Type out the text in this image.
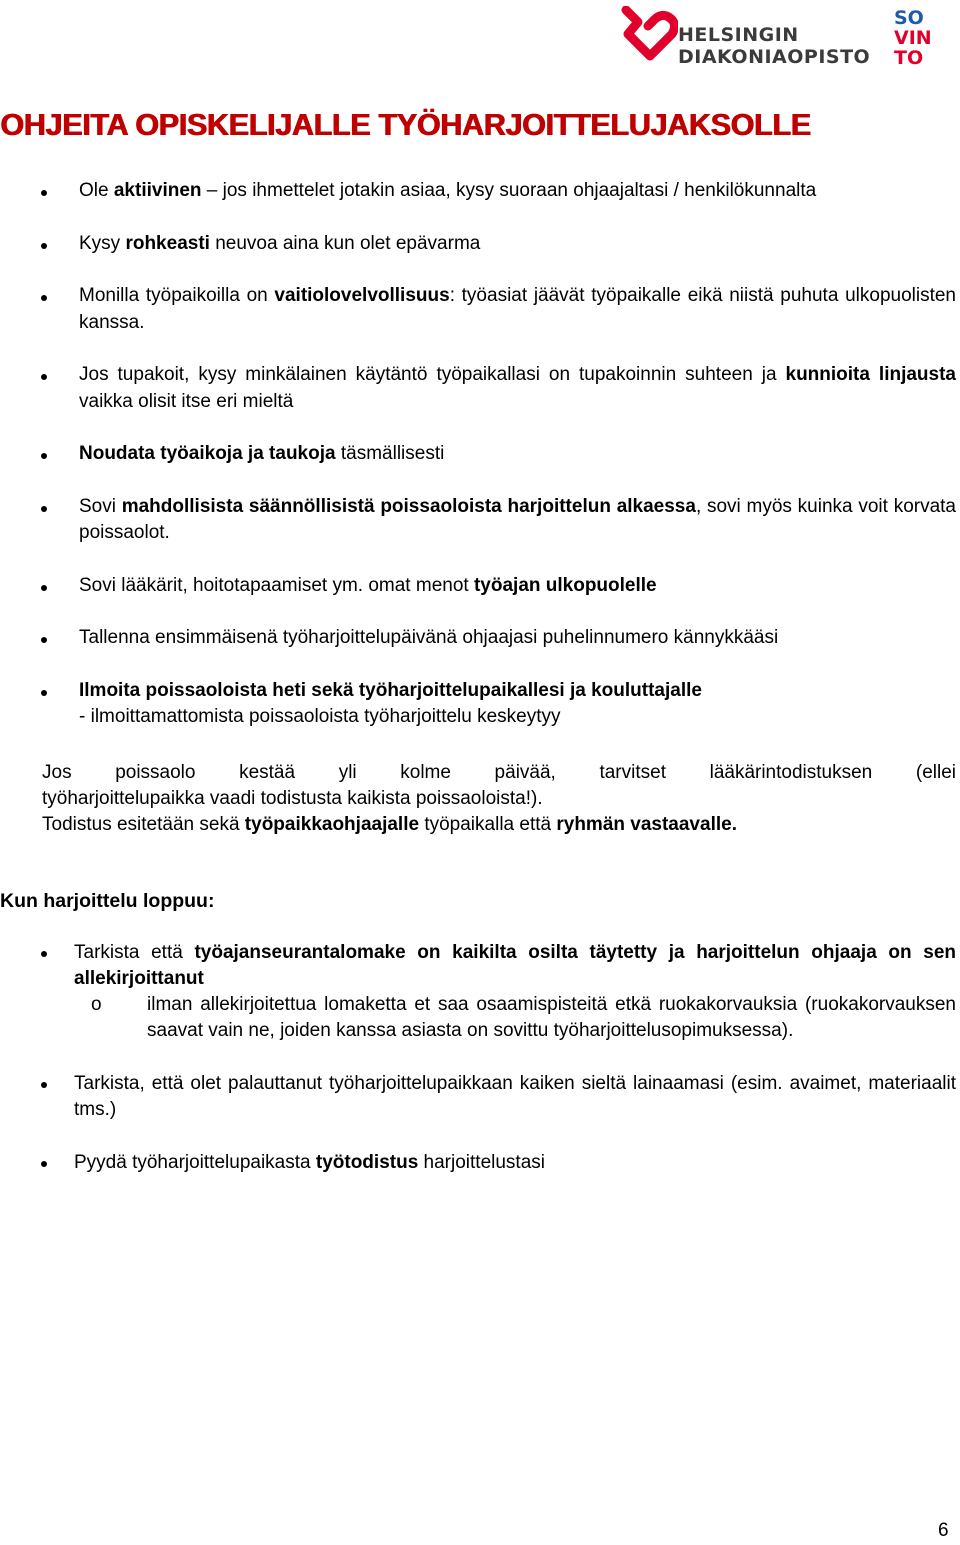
HELSINGIN
DIAKONIAOPISTO
SO
VIN
TO
OHJEITA OPISKELIJALLE TYÖHARJOITTELUJAKSOLLE
Ole aktiivinen – jos ihmettelet jotakin asiaa, kysy suoraan ohjaajaltasi / henkilökunnalta
Kysy rohkeasti neuvoa aina kun olet epävarma
Monilla työpaikoilla on vaitiolovelvollisuus: työasiat jäävät työpaikalle eikä niistä puhuta ulkopuolisten kanssa.
Jos tupakoit, kysy minkälainen käytäntö työpaikallasi on tupakoinnin suhteen ja kunnioita linjausta vaikka olisit itse eri mieltä
Noudata työaikoja ja taukoja täsmällisesti
Sovi mahdollisista säännöllisistä poissaoloista harjoittelun alkaessa, sovi myös kuinka voit korvata poissaolot.
Sovi lääkärit, hoitotapaamiset ym. omat menot työajan ulkopuolelle
Tallenna ensimmäisenä työharjoittelupäivänä ohjaajasi puhelinnumero kännykkääsi
Ilmoita poissaoloista heti sekä työharjoittelupaikallesi ja kouluttajalle
- ilmoittamattomista poissaoloista työharjoittelu keskeytyy
Jos poissaolo kestää yli kolme päivää, tarvitset lääkärintodistuksen (ellei
työharjoittelupaikka vaadi todistusta kaikista poissaoloista!).
Todistus esitetään sekä työpaikkaohjaajalle työpaikalla että ryhmän vastaavalle.
Kun harjoittelu loppuu:
Tarkista että työajanseurantalomake on kaikilta osilta täytetty ja harjoittelun ohjaaja on sen allekirjoittanut
o ilman allekirjoitettua lomaketta et saa osaamispisteitä etkä ruokakorvauksia (ruokakorvauksen saavat vain ne, joiden kanssa asiasta on sovittu työharjoittelusopimuksessa).
Tarkista, että olet palauttanut työharjoittelupaikkaan kaiken sieltä lainaamasi (esim. avaimet, materiaalit tms.)
Pyydä työharjoittelupaikasta työtodistus harjoittelustasi
6
